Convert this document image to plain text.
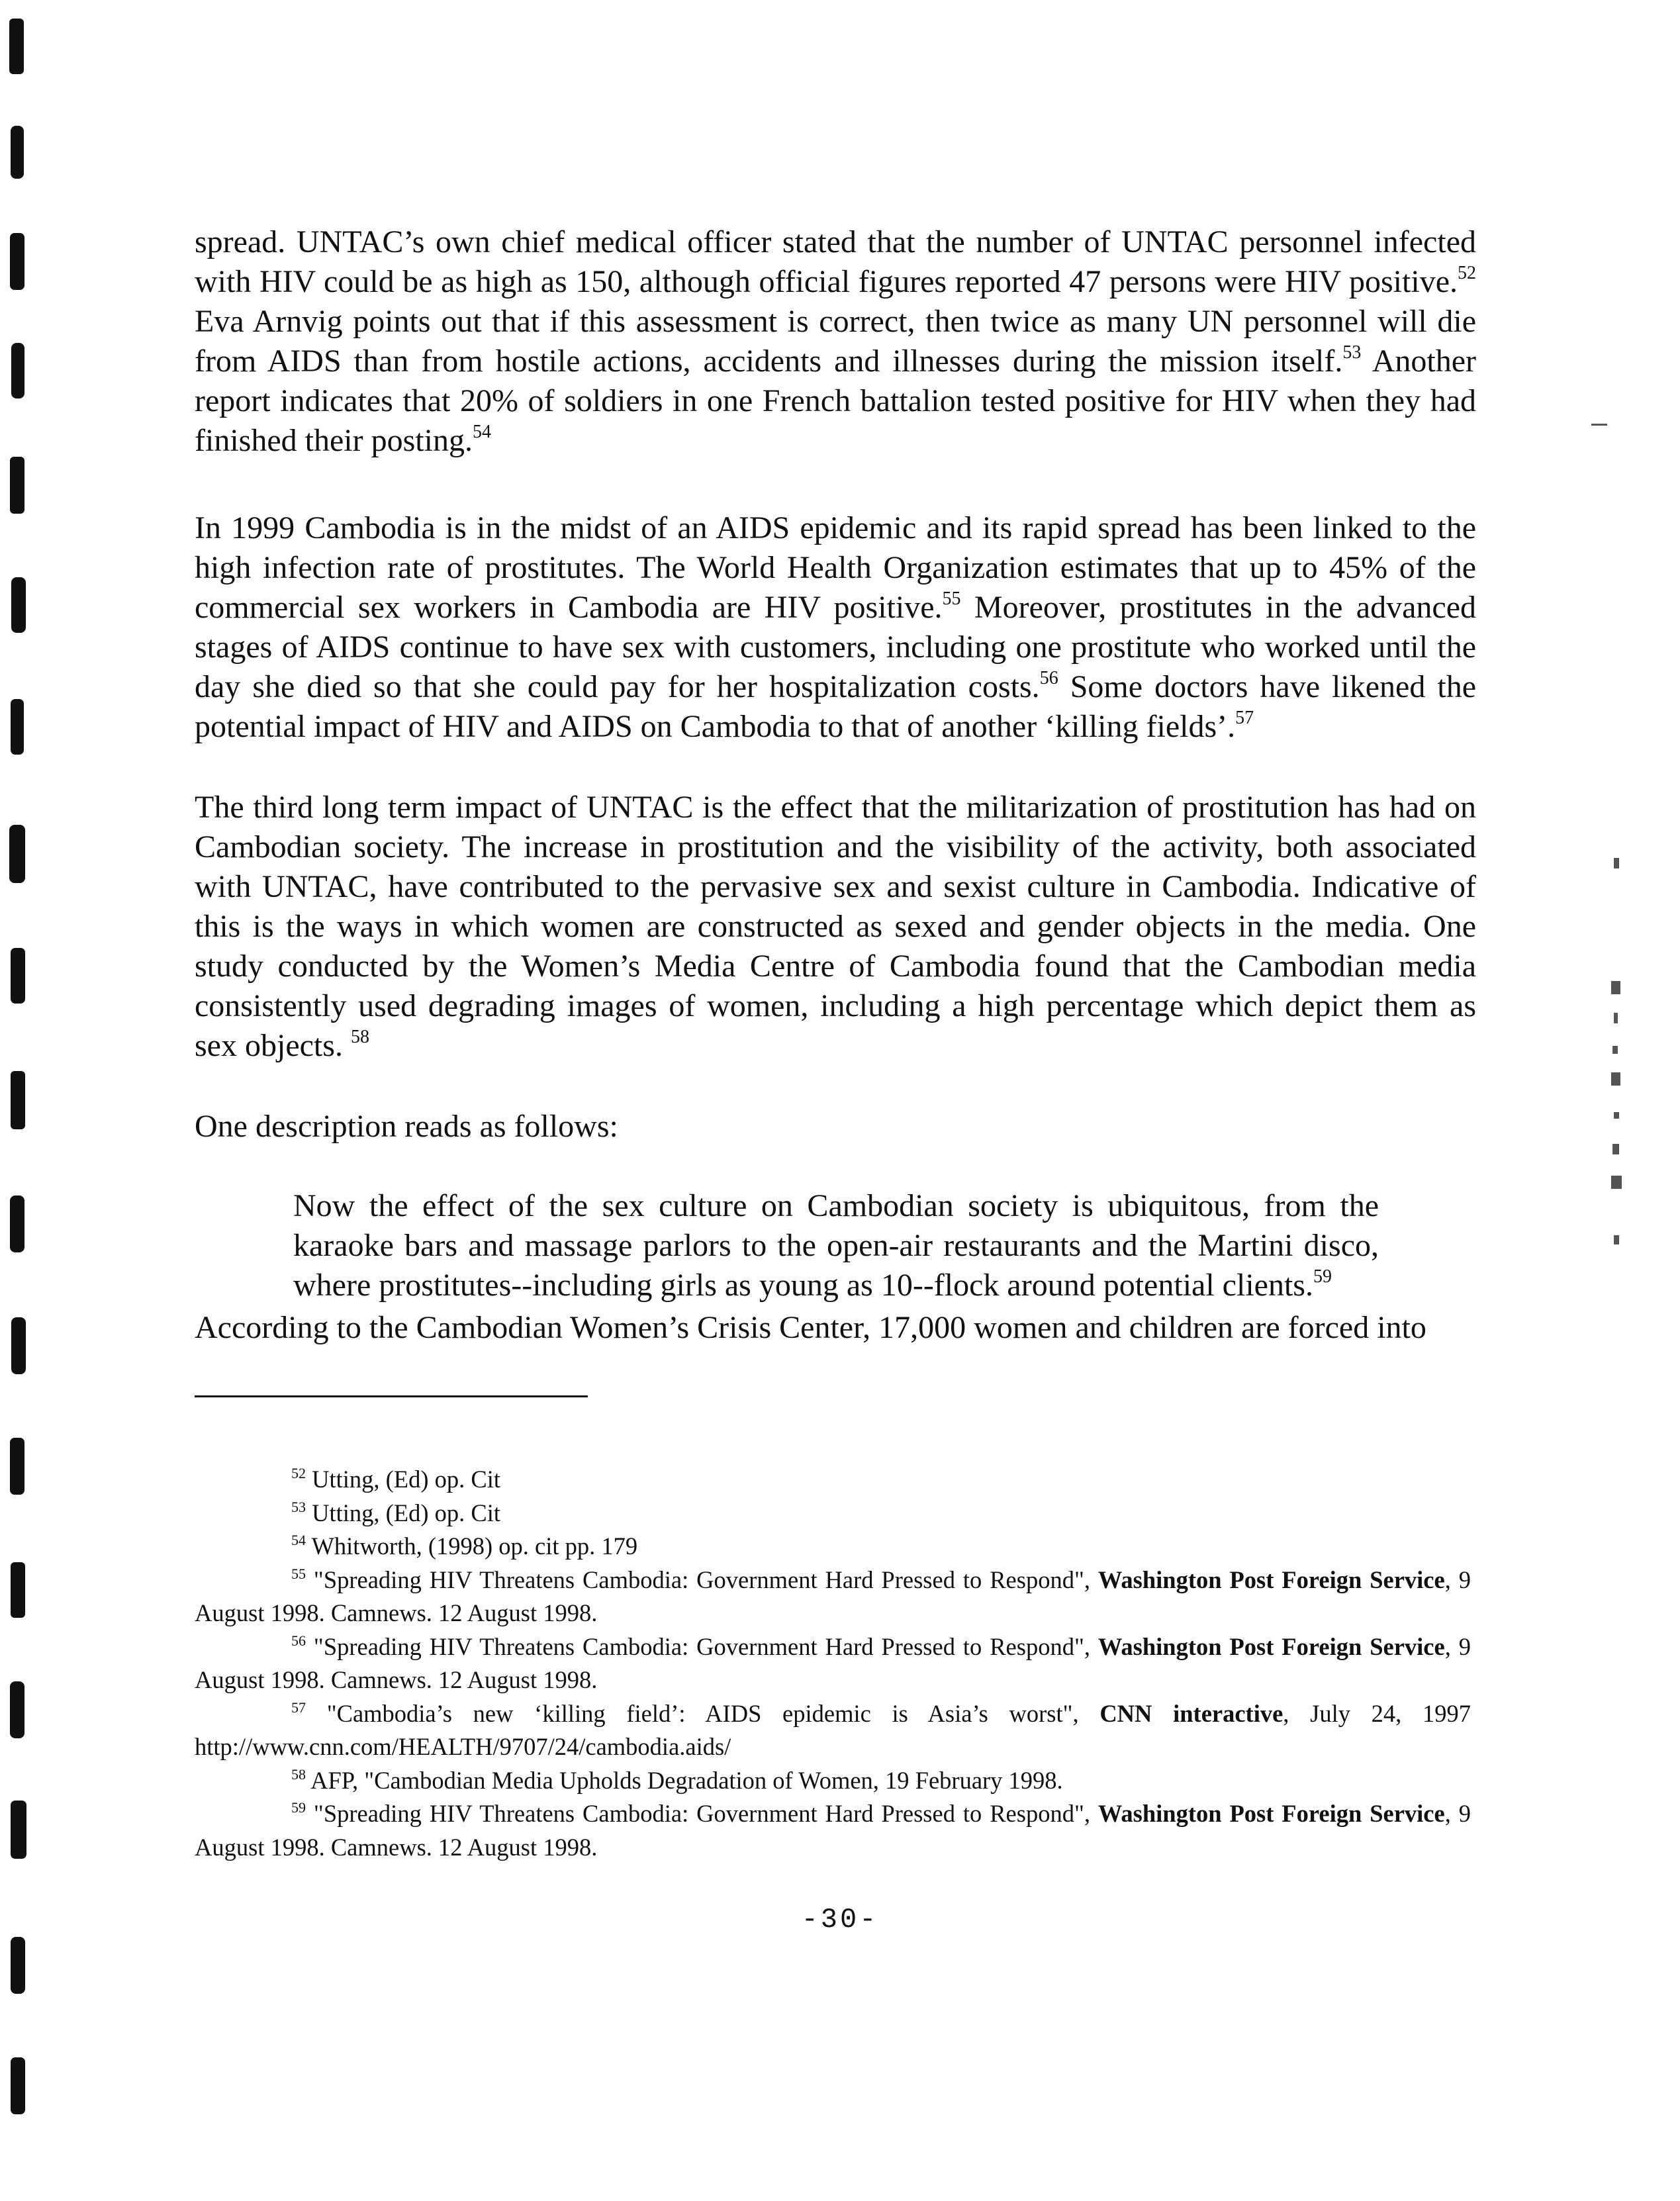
spread. UNTAC’s own chief medical officer stated that the number of UNTAC personnel infected with HIV could be as high as 150, although official figures reported 47 persons were HIV positive.$^{52}$ Eva Arnvig points out that if this assessment is correct, then twice as many UN personnel will die from AIDS than from hostile actions, accidents and illnesses during the mission itself.$^{53}$ Another report indicates that 20% of soldiers in one French battalion tested positive for HIV when they had finished their posting.$^{54}$

In 1999 Cambodia is in the midst of an AIDS epidemic and its rapid spread has been linked to the high infection rate of prostitutes. The World Health Organization estimates that up to 45% of the commercial sex workers in Cambodia are HIV positive.$^{55}$ Moreover, prostitutes in the advanced stages of AIDS continue to have sex with customers, including one prostitute who worked until the day she died so that she could pay for her hospitalization costs.$^{56}$ Some doctors have likened the potential impact of HIV and AIDS on Cambodia to that of another ‘killing fields’.$^{57}$

The third long term impact of UNTAC is the effect that the militarization of prostitution has had on Cambodian society. The increase in prostitution and the visibility of the activity, both associated with UNTAC, have contributed to the pervasive sex and sexist culture in Cambodia. Indicative of this is the ways in which women are constructed as sexed and gender objects in the media. One study conducted by the Women’s Media Centre of Cambodia found that the Cambodian media consistently used degrading images of women, including a high percentage which depict them as sex objects. $^{58}$

One description reads as follows:

Now the effect of the sex culture on Cambodian society is ubiquitous, from the karaoke bars and massage parlors to the open-air restaurants and the Martini disco, where prostitutes--including girls as young as 10--flock around potential clients.$^{59}$

According to the Cambodian Women’s Crisis Center, 17,000 women and children are forced into

$^{52}$ Utting, (Ed) op. Cit

$^{53}$ Utting, (Ed) op. Cit

$^{54}$ Whitworth, (1998) op. cit pp. 179

$^{55}$ "Spreading HIV Threatens Cambodia: Government Hard Pressed to Respond", Washington Post Foreign Service, 9 August 1998. Camnews. 12 August 1998.

$^{56}$ "Spreading HIV Threatens Cambodia: Government Hard Pressed to Respond", Washington Post Foreign Service, 9 August 1998. Camnews. 12 August 1998.

$^{57}$ "Cambodia’s new ‘killing field’: AIDS epidemic is Asia’s worst", CNN interactive, July 24, 1997 http://www.cnn.com/HEALTH/9707/24/cambodia.aids/

$^{58}$ AFP, "Cambodian Media Upholds Degradation of Women, 19 February 1998.

$^{59}$ "Spreading HIV Threatens Cambodia: Government Hard Pressed to Respond", Washington Post Foreign Service, 9 August 1998. Camnews. 12 August 1998.

-30-
